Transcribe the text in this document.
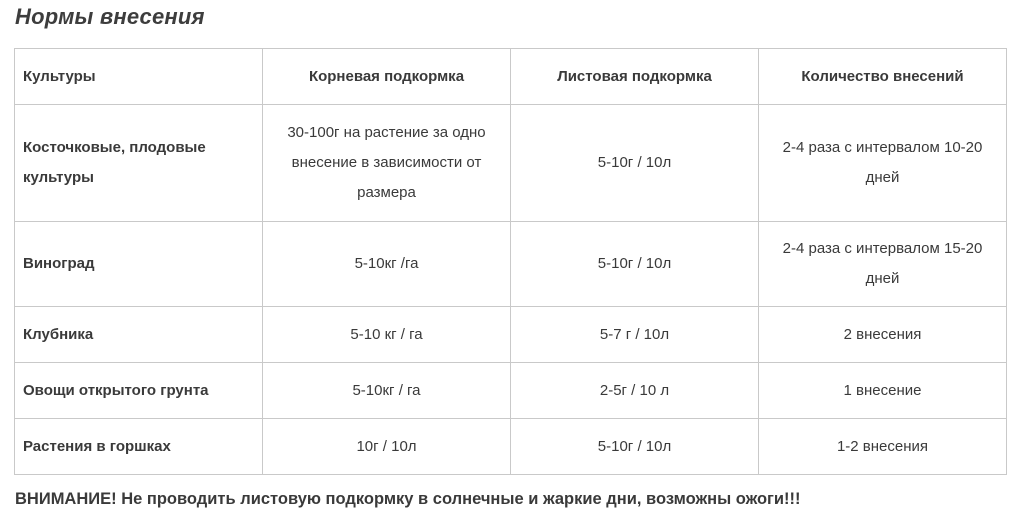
Нормы внесения
Культуры	Корневая подкормка	Листовая подкормка	Количество внесений
Косточковые, плодовые культуры	30-100г на растение за одно внесение в зависимости от размера	5-10г / 10л	2-4 раза с интервалом 10-20 дней
Виноград	5-10кг /га	5-10г / 10л	2-4 раза с интервалом 15-20 дней
Клубника	5-10 кг / га	5-7 г / 10л	2 внесения
Овощи открытого грунта	5-10кг / га	2-5г / 10 л	1 внесение
Растения в горшках	10г / 10л	5-10г / 10л	1-2 внесения

ВНИМАНИЕ! Не проводить листовую подкормку в солнечные и жаркие дни, возможны ожоги!!!
